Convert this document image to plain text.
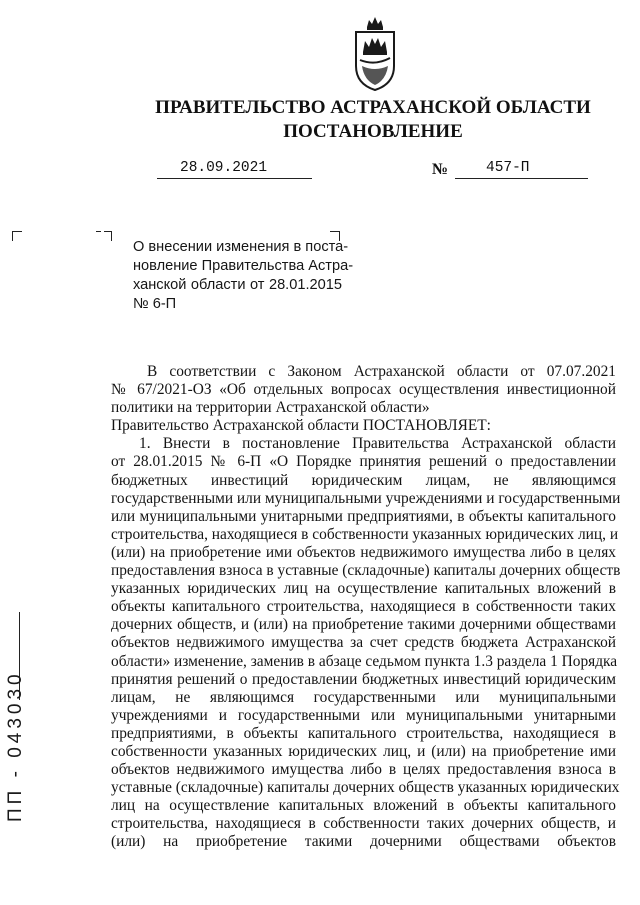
ПРАВИТЕЛЬСТВО АСТРАХАНСКОЙ ОБЛАСТИ
ПОСТАНОВЛЕНИЕ
28.09.2021	№	457-П
О внесении изменения в поста-
новление Правительства Астра-
ханской области от 28.01.2015
№ 6-П
В соответствии с Законом Астраханской области от 07.07.2021
№ 67/2021-ОЗ «Об отдельных вопросах осуществления инвестиционной
политики на территории Астраханской области»
Правительство Астраханской области ПОСТАНОВЛЯЕТ:
1. Внести в постановление Правительства Астраханской области
от 28.01.2015 № 6-П «О Порядке принятия решений о предоставлении
бюджетных инвестиций юридическим лицам, не являющимся
государственными или муниципальными учреждениями и государственными
или муниципальными унитарными предприятиями, в объекты капитального
строительства, находящиеся в собственности указанных юридических лиц, и
(или) на приобретение ими объектов недвижимого имущества либо в целях
предоставления взноса в уставные (складочные) капиталы дочерних обществ
указанных юридических лиц на осуществление капитальных вложений в
объекты капитального строительства, находящиеся в собственности таких
дочерних обществ, и (или) на приобретение такими дочерними обществами
объектов недвижимого имущества за счет средств бюджета Астраханской
области» изменение, заменив в абзаце седьмом пункта 1.3 раздела 1 Порядка
принятия решений о предоставлении бюджетных инвестиций юридическим
лицам, не являющимся государственными или муниципальными
учреждениями и государственными или муниципальными унитарными
предприятиями, в объекты капитального строительства, находящиеся в
собственности указанных юридических лиц, и (или) на приобретение ими
объектов недвижимого имущества либо в целях предоставления взноса в
уставные (складочные) капиталы дочерних обществ указанных юридических
лиц на осуществление капитальных вложений в объекты капитального
строительства, находящиеся в собственности таких дочерних обществ, и
(или) на приобретение такими дочерними обществами объектов
ПП - 043030
